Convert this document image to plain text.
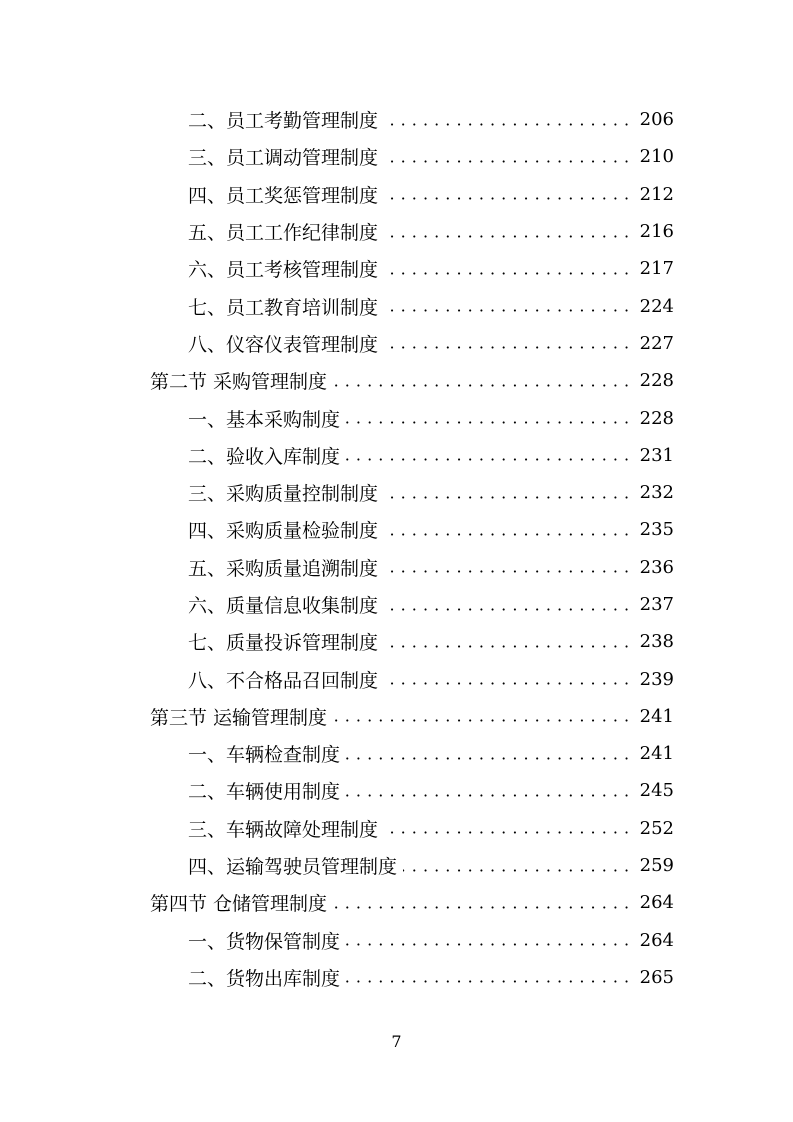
二、员工考勤管理制度 . . .	206
三、员工调动管理制度 . . .	210
四、员工奖惩管理制度 . . .	212
五、员工工作纪律制度 . . .	216
六、员工考核管理制度 . . .	217
七、员工教育培训制度 . . .	224
八、仪容仪表管理制度 . . .	227
第二节 采购管理制度 . . .	228
一、基本采购制度 . . .	228
二、验收入库制度 . . .	231
三、采购质量控制制度 . . .	232
四、采购质量检验制度 . . .	235
五、采购质量追溯制度 . . .	236
六、质量信息收集制度 . . .	237
七、质量投诉管理制度 . . .	238
八、不合格品召回制度 . . .	239
第三节 运输管理制度 . . .	241
一、车辆检查制度 . . .	241
二、车辆使用制度 . . .	245
三、车辆故障处理制度 . . .	252
四、运输驾驶员管理制度 . . .	259
第四节 仓储管理制度 . . .	264
一、货物保管制度 . . .	264
二、货物出库制度 . . .	265
7
